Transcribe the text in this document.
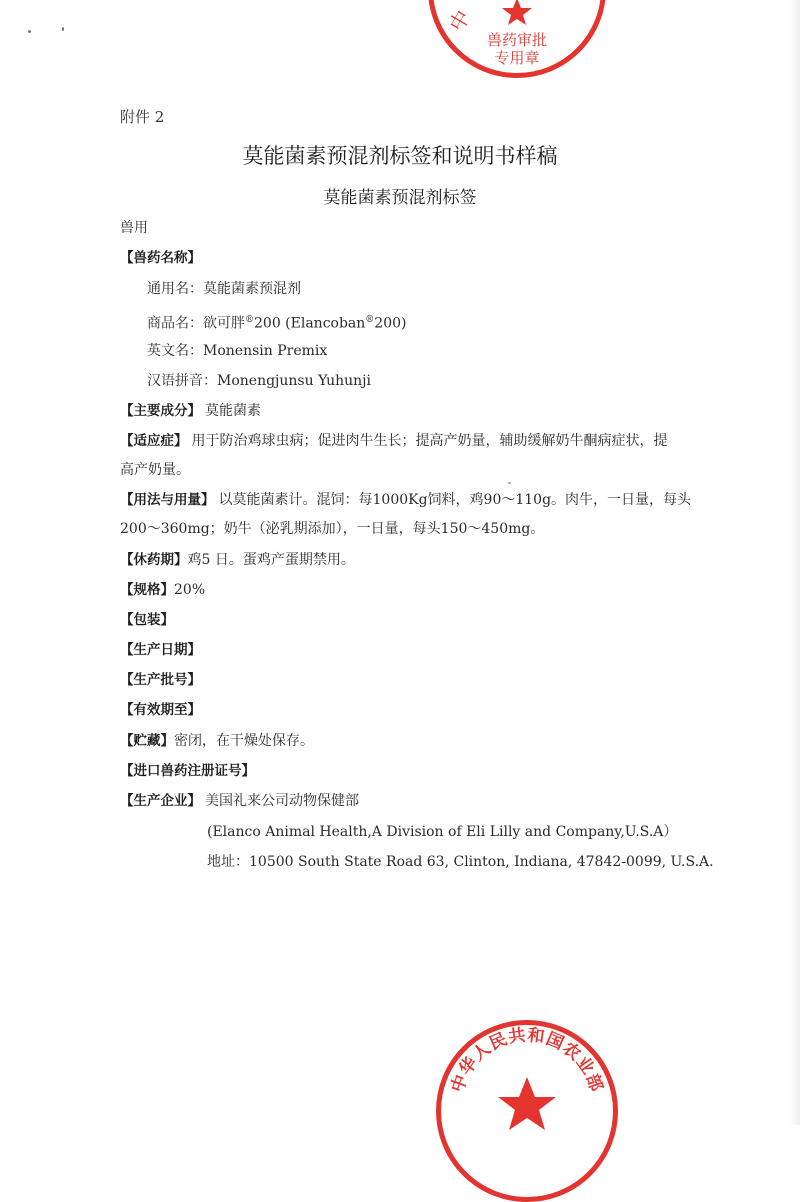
中
兽药审批
专用章
附件 2
莫能菌素预混剂标签和说明书样稿
莫能菌素预混剂标签
兽用
【兽药名称】
通用名：莫能菌素预混剂
商品名：欲可胖®200 (Elancoban®200)
英文名：Monensin Premix
汉语拼音：Monengjunsu Yuhunji
【主要成分】 莫能菌素
【适应症】 用于防治鸡球虫病；促进肉牛生长；提高产奶量，辅助缓解奶牛酮病症状，提
高产奶量。
【用法与用量】 以莫能菌素计。混饲：每1000Kg饲料，鸡90～110g。肉牛，一日量，每头
200～360mg；奶牛（泌乳期添加），一日量，每头150～450mg。
【休药期】鸡5 日。蛋鸡产蛋期禁用。
【规格】20%
【包装】
【生产日期】
【生产批号】
【有效期至】
【贮藏】密闭，在干燥处保存。
【进口兽药注册证号】
【生产企业】 美国礼来公司动物保健部
(Elanco Animal Health,A Division of Eli Lilly and Company,U.S.A）
地址：10500 South State Road 63, Clinton, Indiana, 47842-0099, U.S.A.
中华人民共和国农业部
